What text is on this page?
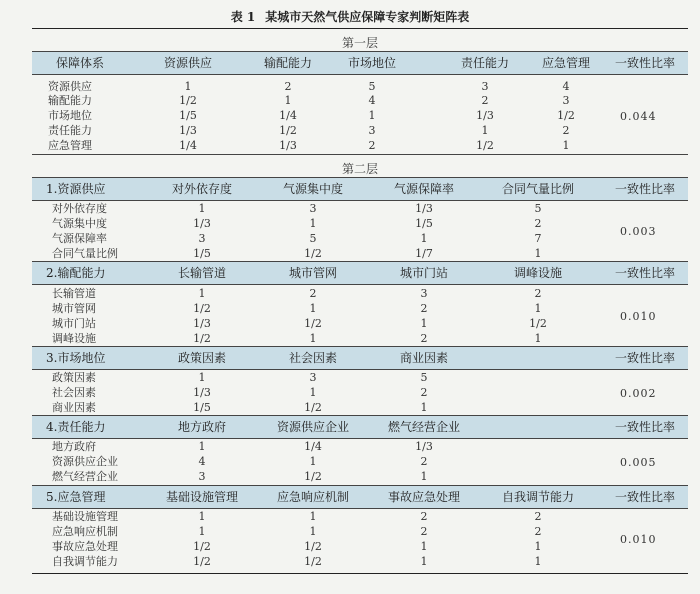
表 1 某城市天然气供应保障专家判断矩阵表
第一层
保障体系	资源供应	输配能力	市场地位	责任能力	应急管理 一致性比率
资源供应	1	2	5	3	4
输配能力	1/2	1	4	2	3
市场地位	1/5	1/4	1	1/3	1/2
责任能力	1/3	1/2	3	1	2
应急管理	1/4	1/3	2	1/2	1
0.044
第二层
1.资源供应	对外依存度	气源集中度	气源保障率	合同气量比例	一致性比率
对外依存度	1	3	1/3	5
气源集中度	1/3	1	1/5	2
气源保障率	3	5	1	7
合同气量比例	1/5	1/2	1/7	1
0.003
2.输配能力	长输管道	城市管网	城市门站	调峰设施	一致性比率
长输管道	1	2	3	2
城市管网	1/2	1	2	1
城市门站	1/3	1/2	1	1/2
调峰设施	1/2	1	2	1
0.010
3.市场地位	政策因素	社会因素	商业因素	一致性比率
政策因素	1	3	5
社会因素	1/3	1	2
商业因素	1/5	1/2	1
0.002
4.责任能力	地方政府	资源供应企业	燃气经营企业	一致性比率
地方政府	1	1/4	1/3
资源供应企业	4	1	2
燃气经营企业	3	1/2	1
0.005
5.应急管理	基础设施管理	应急响应机制	事故应急处理	自我调节能力	一致性比率
基础设施管理	1	1	2	2
应急响应机制	1	1	2	2
事故应急处理	1/2	1/2	1	1
自我调节能力	1/2	1/2	1	1
0.010
